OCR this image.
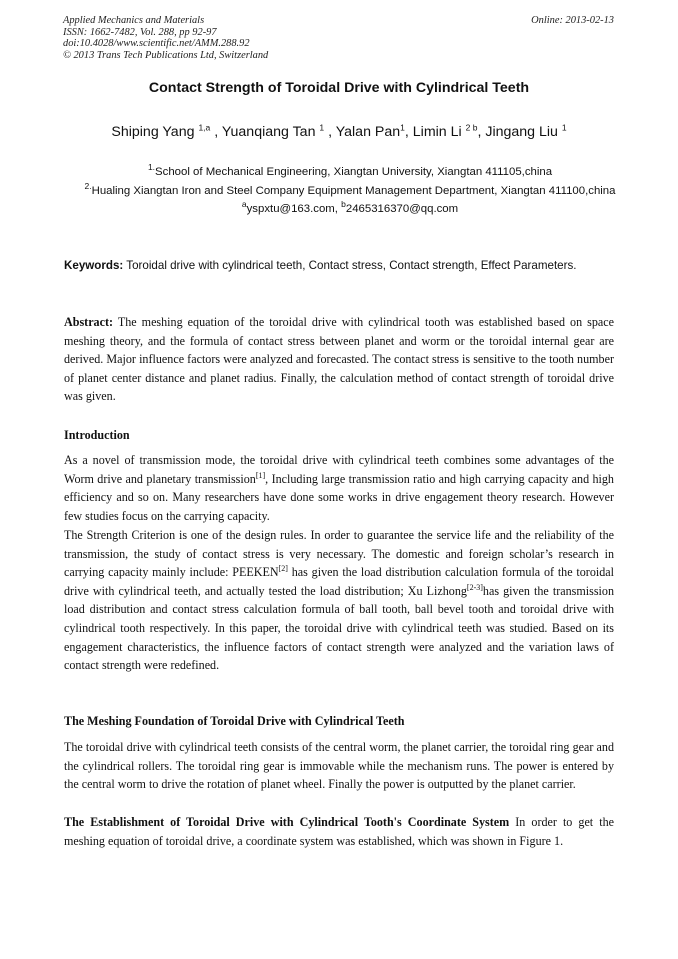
Applied Mechanics and Materials
ISSN: 1662-7482, Vol. 288, pp 92-97
doi:10.4028/www.scientific.net/AMM.288.92
© 2013 Trans Tech Publications Ltd, Switzerland
Online: 2013-02-13
Contact Strength of Toroidal Drive with Cylindrical Teeth
Shiping Yang $^{1,a}$ , Yuanqiang Tan $^1$ , Yalan Pan$^1$, Limin Li $^{2 b}$, Jingang Liu $^1$
$^{1.}$School of Mechanical Engineering, Xiangtan University, Xiangtan 411105,china
$^{2.}$Hualing Xiangtan Iron and Steel Company Equipment Management Department, Xiangtan 411100,china
$^a$yspxtu@163.com, $^b$2465316370@qq.com

Keywords: Toroidal drive with cylindrical teeth, Contact stress, Contact strength, Effect Parameters.

Abstract: The meshing equation of the toroidal drive with cylindrical tooth was established based on space meshing theory, and the formula of contact stress between planet and worm or the toroidal internal gear are derived. Major influence factors were analyzed and forecasted. The contact stress is sensitive to the tooth number of planet center distance and planet radius. Finally, the calculation method of contact strength of toroidal drive was given.

Introduction

As a novel of transmission mode, the toroidal drive with cylindrical teeth combines some advantages of the Worm drive and planetary transmission[1], Including large transmission ratio and high carrying capacity and high efficiency and so on. Many researchers have done some works in drive engagement theory research. However few studies focus on the carrying capacity.

The Strength Criterion is one of the design rules. In order to guarantee the service life and the reliability of the transmission, the study of contact stress is very necessary. The domestic and foreign scholar’s research in carrying capacity mainly include: PEEKEN[2] has given the load distribution calculation formula of the toroidal drive with cylindrical teeth, and actually tested the load distribution; Xu Lizhong[2-3]has given the transmission load distribution and contact stress calculation formula of ball tooth, ball bevel tooth and toroidal drive with cylindrical tooth respectively. In this paper, the toroidal drive with cylindrical teeth was studied. Based on its engagement characteristics, the influence factors of contact strength were analyzed and the variation laws of contact strength were redefined.

The Meshing Foundation of Toroidal Drive with Cylindrical Teeth

The toroidal drive with cylindrical teeth consists of the central worm, the planet carrier, the toroidal ring gear and the cylindrical rollers. The toroidal ring gear is immovable while the mechanism runs. The power is entered by the central worm to drive the rotation of planet wheel. Finally the power is outputted by the planet carrier.

The Establishment of Toroidal Drive with Cylindrical Tooth's Coordinate System In order to get the meshing equation of toroidal drive, a coordinate system was established, which was shown in Figure 1.
